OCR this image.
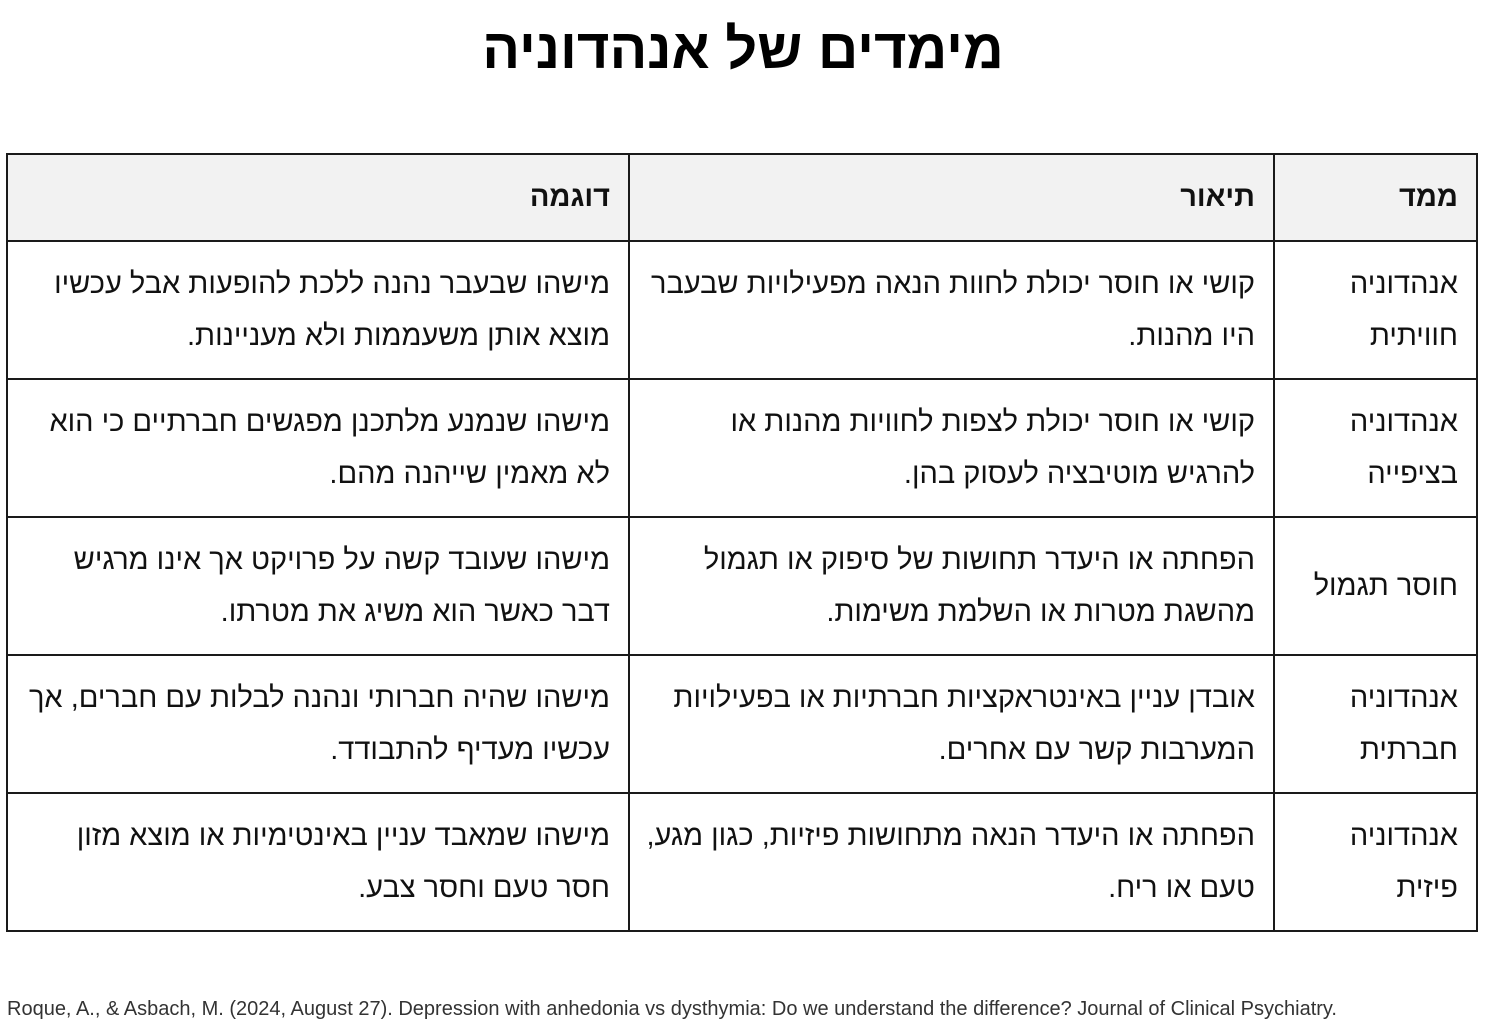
מימדים של אנהדוניה
ממד	תיאור	דוגמה
אנהדוניה חוויתית	קושי או חוסר יכולת לחוות הנאה מפעילויות שבעבר היו מהנות.	מישהו שבעבר נהנה ללכת להופעות אבל עכשיו מוצא אותן משעממות ולא מעניינות.
אנהדוניה בציפייה	קושי או חוסר יכולת לצפות לחוויות מהנות או להרגיש מוטיבציה לעסוק בהן.	מישהו שנמנע מלתכנן מפגשים חברתיים כי הוא לא מאמין שייהנה מהם.
חוסר תגמול	הפחתה או היעדר תחושות של סיפוק או תגמול מהשגת מטרות או השלמת משימות.	מישהו שעובד קשה על פרויקט אך אינו מרגיש דבר כאשר הוא משיג את מטרתו.
אנהדוניה חברתית	אובדן עניין באינטראקציות חברתיות או בפעילויות המערבות קשר עם אחרים.	מישהו שהיה חברותי ונהנה לבלות עם חברים, אך עכשיו מעדיף להתבודד.
אנהדוניה פיזית	הפחתה או היעדר הנאה מתחושות פיזיות, כגון מגע, טעם או ריח.	מישהו שמאבד עניין באינטימיות או מוצא מזון חסר טעם וחסר צבע.
Roque, A., & Asbach, M. (2024, August 27). Depression with anhedonia vs dysthymia: Do we understand the difference? Journal of Clinical Psychiatry.
